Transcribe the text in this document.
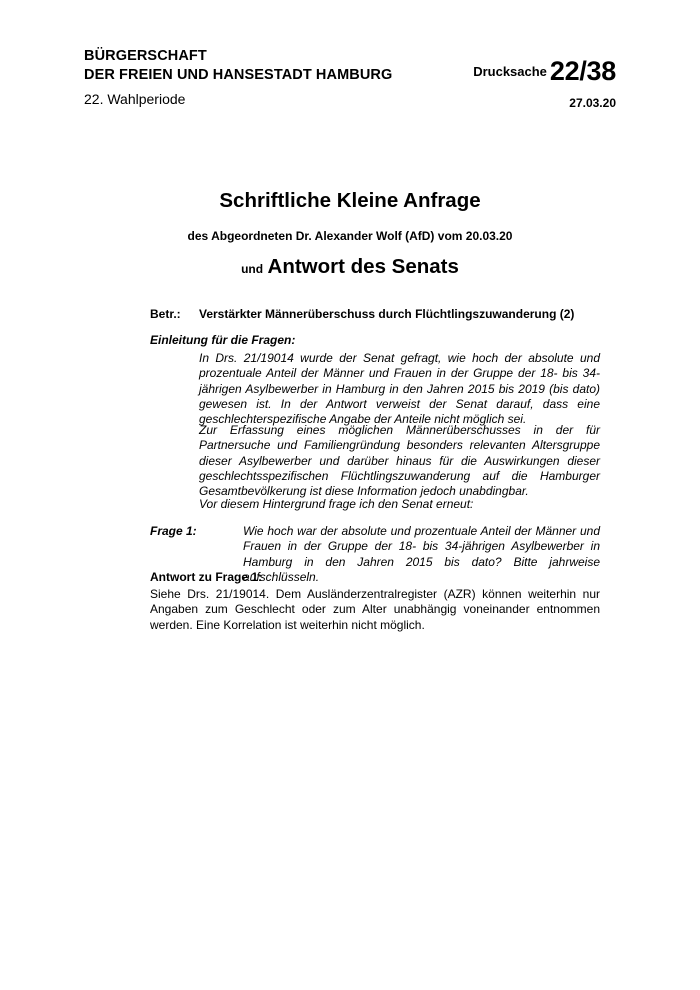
BÜRGERSCHAFT
DER FREIEN UND HANSESTADT HAMBURG
22. Wahlperiode
$^{Drucksache}$ 22/38
27.03.20
Schriftliche Kleine Anfrage
des Abgeordneten Dr. Alexander Wolf (AfD) vom 20.03.20
und Antwort des Senats
Betr.: Verstärkter Männerüberschuss durch Flüchtlingszuwanderung (2)
Einleitung für die Fragen:
In Drs. 21/19014 wurde der Senat gefragt, wie hoch der absolute und prozentuale Anteil der Männer und Frauen in der Gruppe der 18- bis 34-jährigen Asylbewerber in Hamburg in den Jahren 2015 bis 2019 (bis dato) gewesen ist. In der Antwort verweist der Senat darauf, dass eine geschlechterspezifische Angabe der Anteile nicht möglich sei.
Zur Erfassung eines möglichen Männerüberschusses in der für Partnersuche und Familiengründung besonders relevanten Altersgruppe dieser Asylbewerber und darüber hinaus für die Auswirkungen dieser geschlechtsspezifischen Flüchtlingszuwanderung auf die Hamburger Gesamtbevölkerung ist diese Information jedoch unabdingbar.
Vor diesem Hintergrund frage ich den Senat erneut:
Frage 1:	Wie hoch war der absolute und prozentuale Anteil der Männer und Frauen in der Gruppe der 18- bis 34-jährigen Asylbewerber in Hamburg in den Jahren 2015 bis dato? Bitte jahrweise aufschlüsseln.
Antwort zu Frage 1:
Siehe Drs. 21/19014. Dem Ausländerzentralregister (AZR) können weiterhin nur Angaben zum Geschlecht oder zum Alter unabhängig voneinander entnommen werden. Eine Korrelation ist weiterhin nicht möglich.
